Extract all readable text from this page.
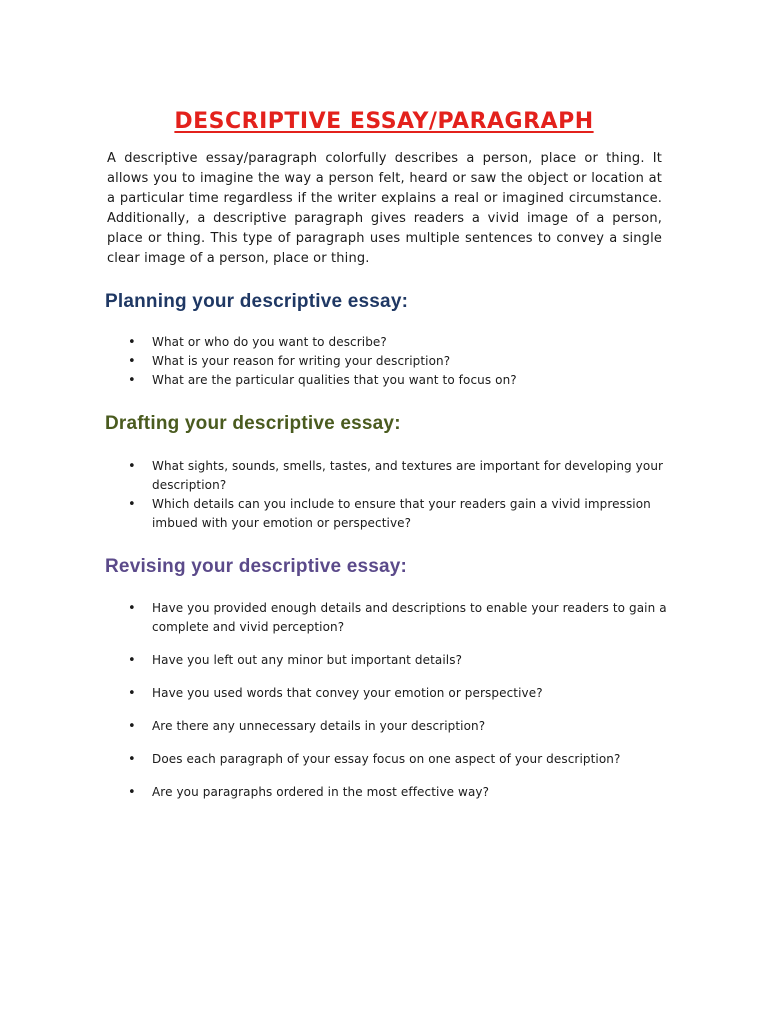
DESCRIPTIVE ESSAY/PARAGRAPH

A descriptive essay/paragraph colorfully describes a person, place or thing. It allows you to imagine the way a person felt, heard or saw the object or location at a particular time regardless if the writer explains a real or imagined circumstance. Additionally, a descriptive paragraph gives readers a vivid image of a person, place or thing. This type of paragraph uses multiple sentences to convey a single clear image of a person, place or thing.

Planning your descriptive essay:
• What or who do you want to describe?
• What is your reason for writing your description?
• What are the particular qualities that you want to focus on?
Drafting your descriptive essay:
• What sights, sounds, smells, tastes, and textures are important for developing your description?
• Which details can you include to ensure that your readers gain a vivid impression imbued with your emotion or perspective?
Revising your descriptive essay:
• Have you provided enough details and descriptions to enable your readers to gain a complete and vivid perception?
• Have you left out any minor but important details?
• Have you used words that convey your emotion or perspective?
• Are there any unnecessary details in your description?
• Does each paragraph of your essay focus on one aspect of your description?
• Are you paragraphs ordered in the most effective way?
